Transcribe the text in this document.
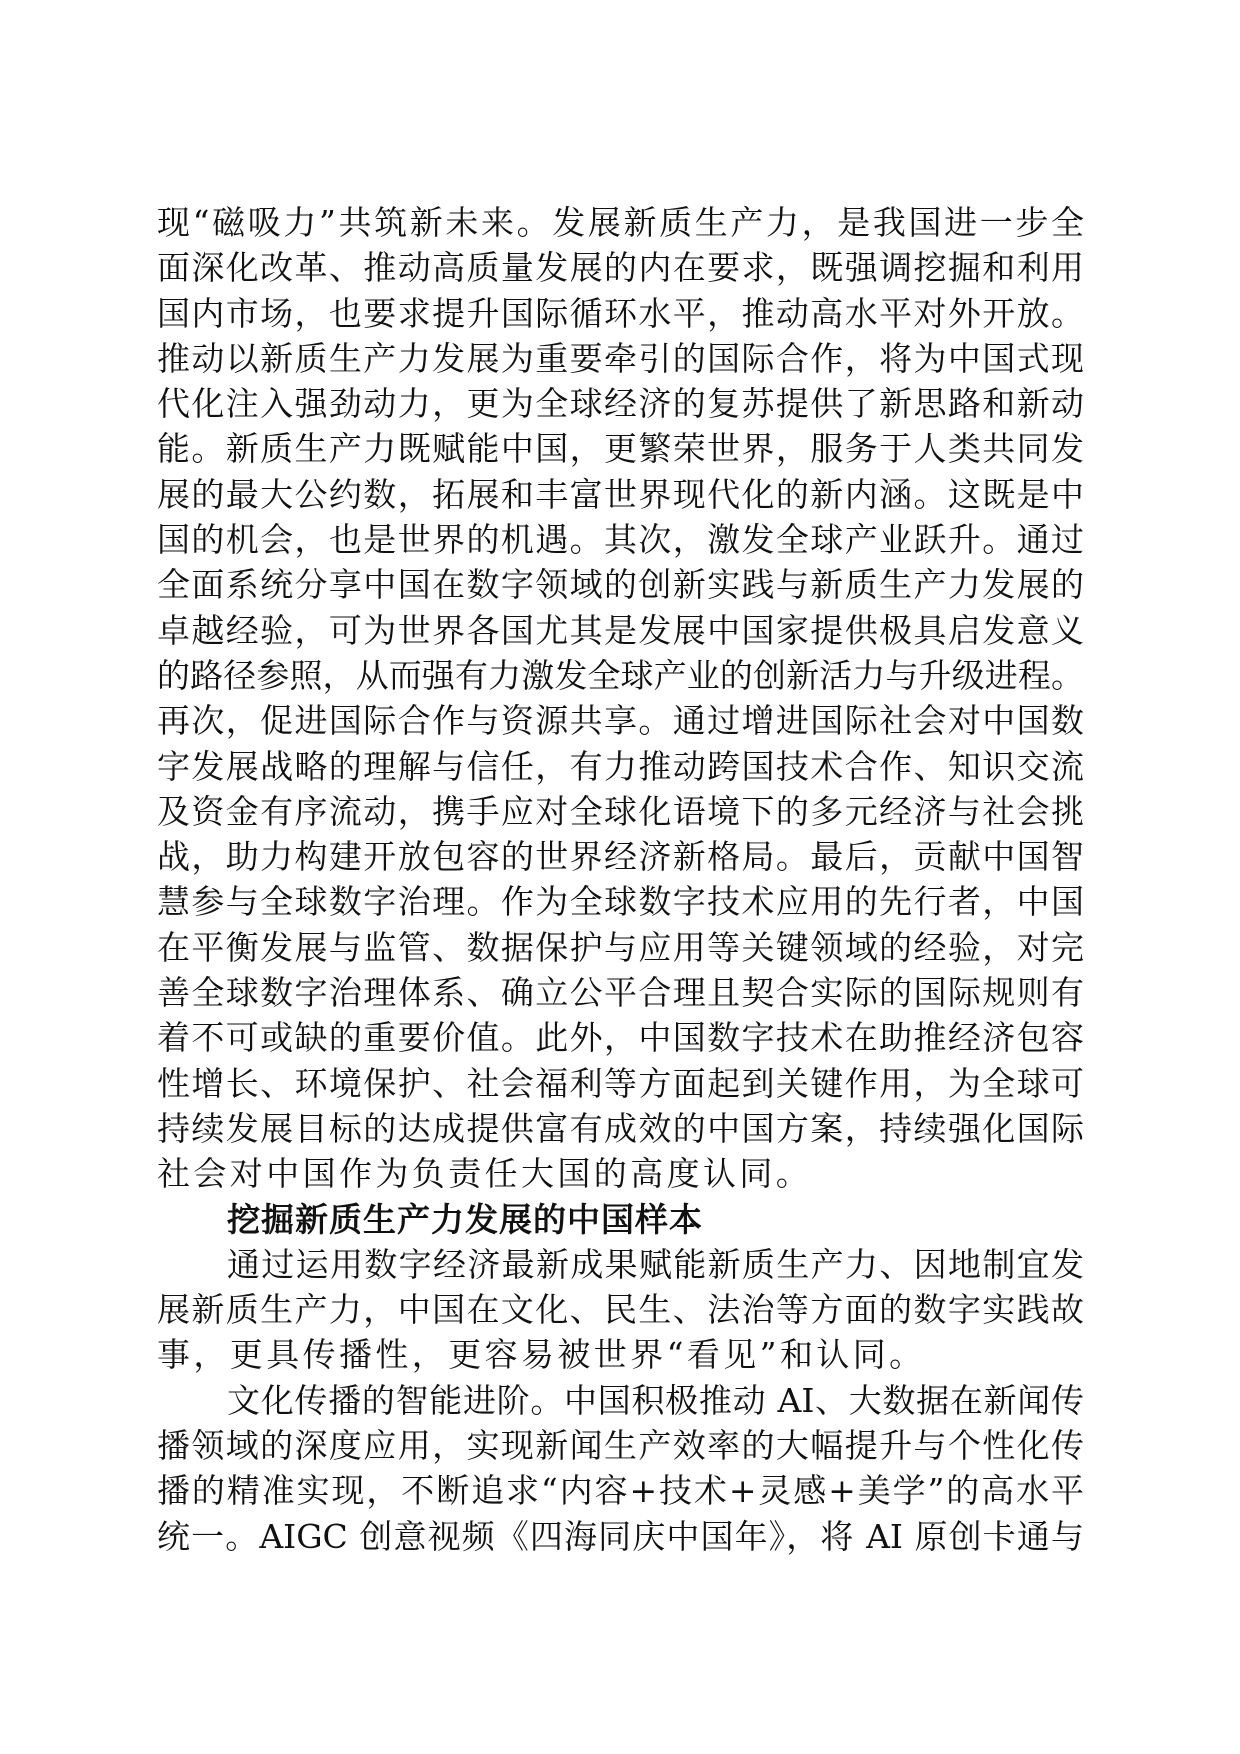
现“磁吸力”共筑新未来。发展新质生产力，是我国进一步全
面深化改革、推动高质量发展的内在要求，既强调挖掘和利用
国内市场，也要求提升国际循环水平，推动高水平对外开放。
推动以新质生产力发展为重要牵引的国际合作，将为中国式现
代化注入强劲动力，更为全球经济的复苏提供了新思路和新动
能。新质生产力既赋能中国，更繁荣世界，服务于人类共同发
展的最大公约数，拓展和丰富世界现代化的新内涵。这既是中
国的机会，也是世界的机遇。其次，激发全球产业跃升。通过
全面系统分享中国在数字领域的创新实践与新质生产力发展的
卓越经验，可为世界各国尤其是发展中国家提供极具启发意义
的路径参照，从而强有力激发全球产业的创新活力与升级进程。
再次，促进国际合作与资源共享。通过增进国际社会对中国数
字发展战略的理解与信任，有力推动跨国技术合作、知识交流
及资金有序流动，携手应对全球化语境下的多元经济与社会挑
战，助力构建开放包容的世界经济新格局。最后，贡献中国智
慧参与全球数字治理。作为全球数字技术应用的先行者，中国
在平衡发展与监管、数据保护与应用等关键领域的经验，对完
善全球数字治理体系、确立公平合理且契合实际的国际规则有
着不可或缺的重要价值。此外，中国数字技术在助推经济包容
性增长、环境保护、社会福利等方面起到关键作用，为全球可
持续发展目标的达成提供富有成效的中国方案，持续强化国际
社会对中国作为负责任大国的高度认同。
挖掘新质生产力发展的中国样本
通过运用数字经济最新成果赋能新质生产力、因地制宜发
展新质生产力，中国在文化、民生、法治等方面的数字实践故
事，更具传播性，更容易被世界“看见”和认同。
文化传播的智能进阶。中国积极推动 AI、大数据在新闻传
播领域的深度应用，实现新闻生产效率的大幅提升与个性化传
播的精准实现，不断追求“内容+技术+灵感+美学”的高水平
统一。AIGC 创意视频《四海同庆中国年》，将 AI 原创卡通与
